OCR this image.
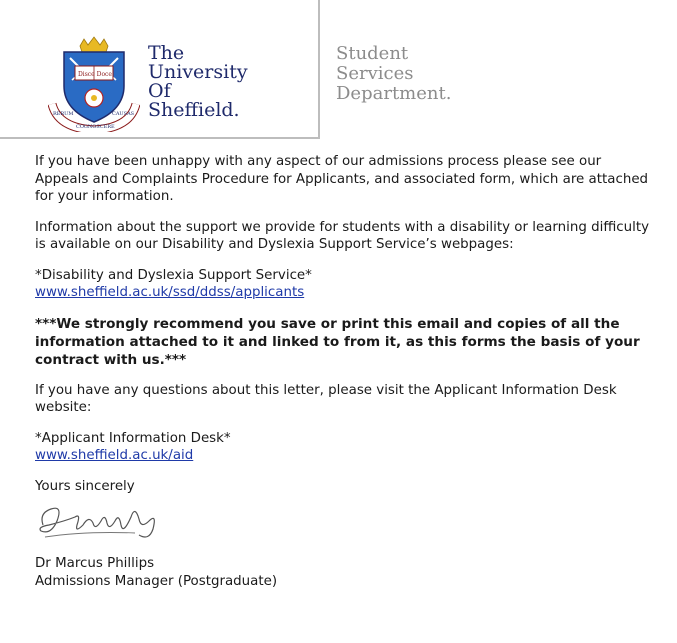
Disce Doce
RERUM
COGNOSCERE
CAUSAS
The
University
Of
Sheffield.
Student
Services
Department.

If you have been unhappy with any aspect of our admissions process please see our Appeals and Complaints Procedure for Applicants, and associated form, which are attached for your information.

Information about the support we provide for students with a disability or learning difficulty is available on our Disability and Dyslexia Support Service’s webpages:

*Disability and Dyslexia Support Service*
www.sheffield.ac.uk/ssd/ddss/applicants

***We strongly recommend you save or print this email and copies of all the information attached to it and linked to from it, as this forms the basis of your contract with us.***

If you have any questions about this letter, please visit the Applicant Information Desk website:

*Applicant Information Desk*
www.sheffield.ac.uk/aid

Yours sincerely
Dr Marcus Phillips
Admissions Manager (Postgraduate)
